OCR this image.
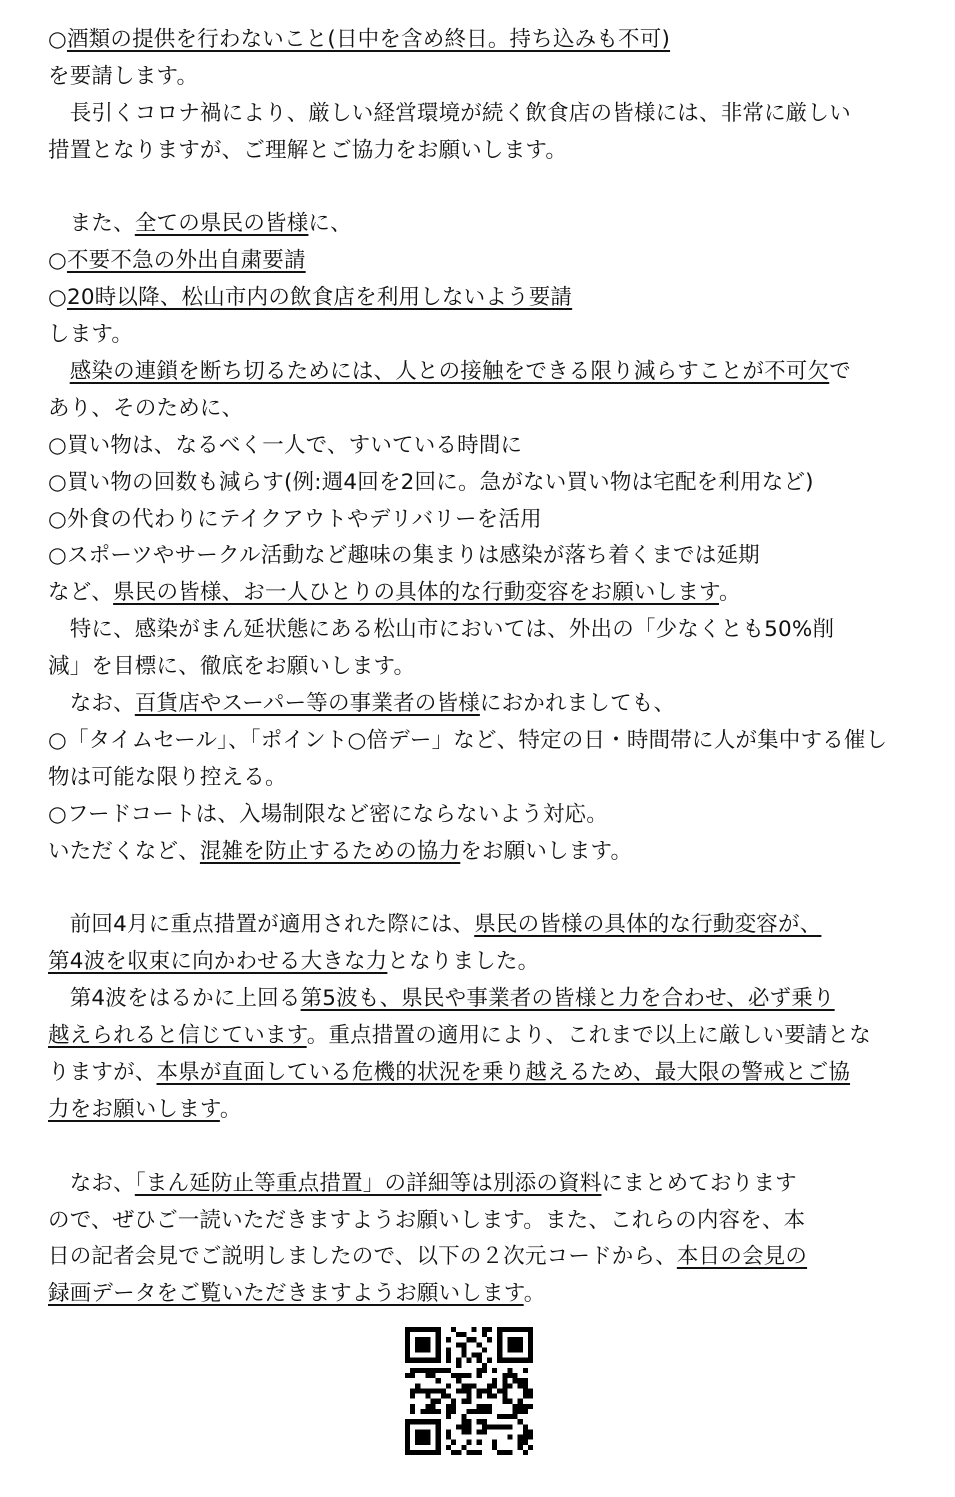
○酒類の提供を行わないこと(日中を含め終日。持ち込みも不可)
を要請します。
　長引くコロナ禍により、厳しい経営環境が続く飲食店の皆様には、非常に厳しい
措置となりますが、ご理解とご協力をお願いします。
　また、全ての県民の皆様に、
○不要不急の外出自粛要請
○20時以降、松山市内の飲食店を利用しないよう要請
します。
　感染の連鎖を断ち切るためには、人との接触をできる限り減らすことが不可欠で
あり、そのために、
○買い物は、なるべく一人で、すいている時間に
○買い物の回数も減らす(例:週4回を2回に。急がない買い物は宅配を利用など)
○外食の代わりにテイクアウトやデリバリーを活用
○スポーツやサークル活動など趣味の集まりは感染が落ち着くまでは延期
など、県民の皆様、お一人ひとりの具体的な行動変容をお願いします。
　特に、感染がまん延状態にある松山市においては、外出の「少なくとも50%削
減」を目標に、徹底をお願いします。
　なお、百貨店やスーパー等の事業者の皆様におかれましても、
○「タイムセール」、「ポイント○倍デー」など、特定の日・時間帯に人が集中する催し
物は可能な限り控える。
○フードコートは、入場制限など密にならないよう対応。
いただくなど、混雑を防止するための協力をお願いします。
　前回4月に重点措置が適用された際には、県民の皆様の具体的な行動変容が、
第4波を収束に向かわせる大きな力となりました。
　第4波をはるかに上回る第5波も、県民や事業者の皆様と力を合わせ、必ず乗り
越えられると信じています。重点措置の適用により、これまで以上に厳しい要請とな
りますが、本県が直面している危機的状況を乗り越えるため、最大限の警戒とご協
力をお願いします。
　なお、「まん延防止等重点措置」の詳細等は別添の資料にまとめております
ので、ぜひご一読いただきますようお願いします。また、これらの内容を、本
日の記者会見でご説明しましたので、以下の２次元コードから、本日の会見の
録画データをご覧いただきますようお願いします。
